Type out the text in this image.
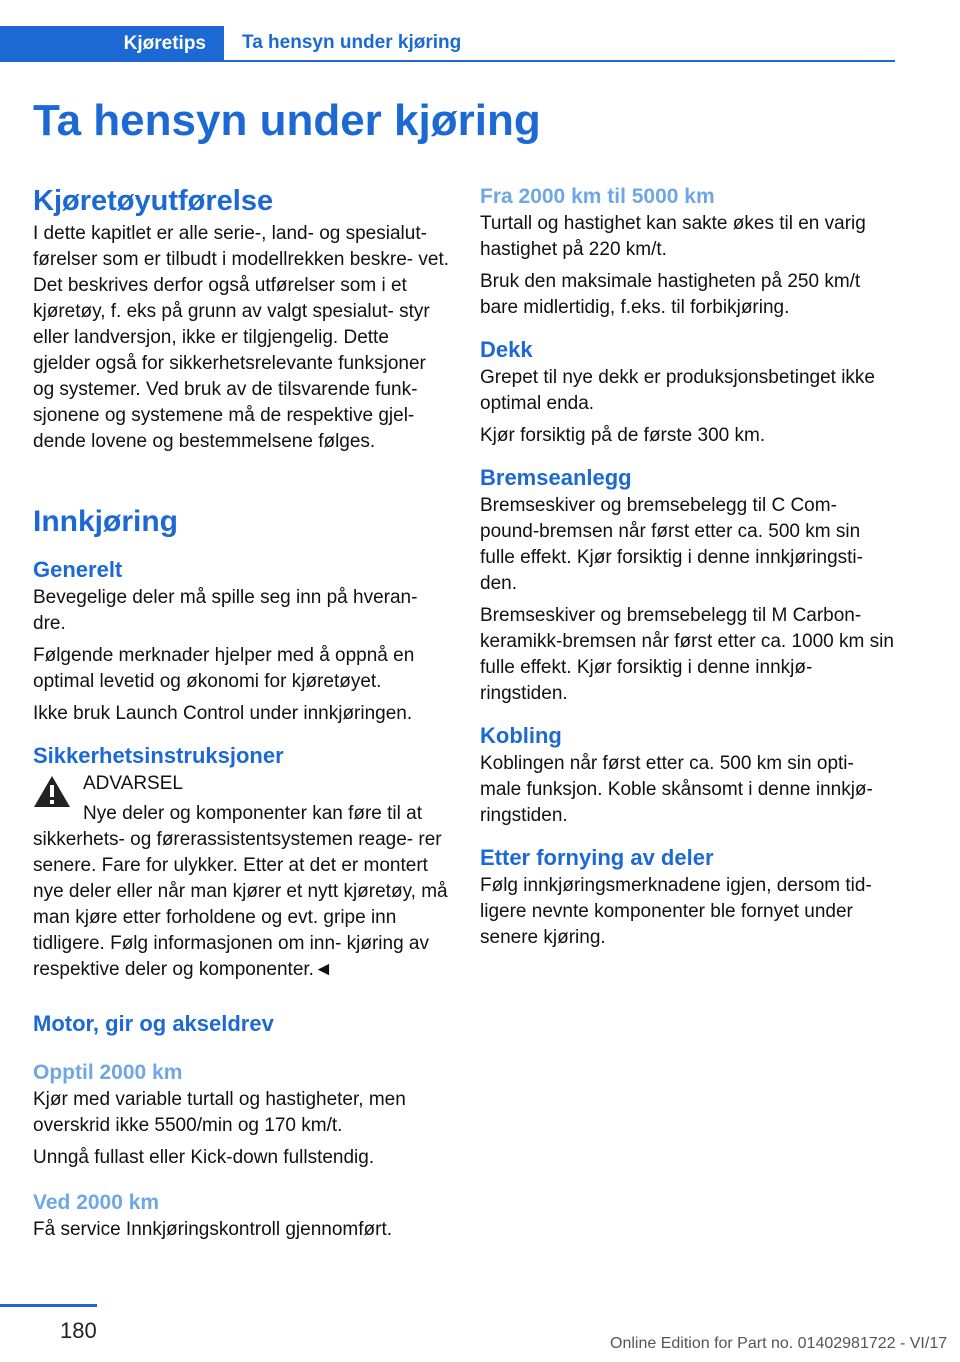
Kjøretips Ta hensyn under kjøring
Ta hensyn under kjøring
Kjøretøyutførelse

I dette kapitlet er alle serie-, land- og spesialut‐ førelser som er tilbudt i modellrekken beskre‐ vet. Det beskrives derfor også utførelser som i et kjøretøy, f. eks på grunn av valgt spesialut‐ styr eller landversjon, ikke er tilgjengelig. Dette gjelder også for sikkerhetsrelevante funksjoner og systemer. Ved bruk av de tilsvarende funk‐ sjonene og systemene må de respektive gjel‐ dende lovene og bestemmelsene følges.

Innkjøring
Generelt

Bevegelige deler må spille seg inn på hveran‐ dre.

Følgende merknader hjelper med å oppnå en optimal levetid og økonomi for kjøretøyet.

Ikke bruk Launch Control under innkjøringen.

Sikkerhetsinstruksjoner

ADVARSEL

Nye deler og komponenter kan føre til at sikkerhets- og førerassistentsystemen reage‐ rer senere. Fare for ulykker. Etter at det er montert nye deler eller når man kjører et nytt kjøretøy, må man kjøre etter forholdene og evt. gripe inn tidligere. Følg informasjonen om inn‐ kjøring av respektive deler og komponenter.◄

Motor, gir og akseldrev
Opptil 2000 km

Kjør med variable turtall og hastigheter, men overskrid ikke 5500/min og 170 km/t.

Unngå fullast eller Kick-down fullstendig.

Ved 2000 km

Få service Innkjøringskontroll gjennomført.

Fra 2000 km til 5000 km

Turtall og hastighet kan sakte økes til en varig hastighet på 220 km/t.

Bruk den maksimale hastigheten på 250 km/t bare midlertidig, f.eks. til forbikjøring.

Dekk

Grepet til nye dekk er produksjonsbetinget ikke optimal enda.

Kjør forsiktig på de første 300 km.

Bremseanlegg

Bremseskiver og bremsebelegg til C Com‐ pound-bremsen når først etter ca. 500 km sin fulle effekt. Kjør forsiktig i denne innkjøringsti‐ den.

Bremseskiver og bremsebelegg til M Carbon- keramikk-bremsen når først etter ca. 1000 km sin fulle effekt. Kjør forsiktig i denne innkjø‐ ringstiden.

Kobling

Koblingen når først etter ca. 500 km sin opti‐ male funksjon. Koble skånsomt i denne innkjø‐ ringstiden.

Etter fornying av deler

Følg innkjøringsmerknadene igjen, dersom tid‐ ligere nevnte komponenter ble fornyet under senere kjøring.

180
Online Edition for Part no. 01402981722 - VI/17
